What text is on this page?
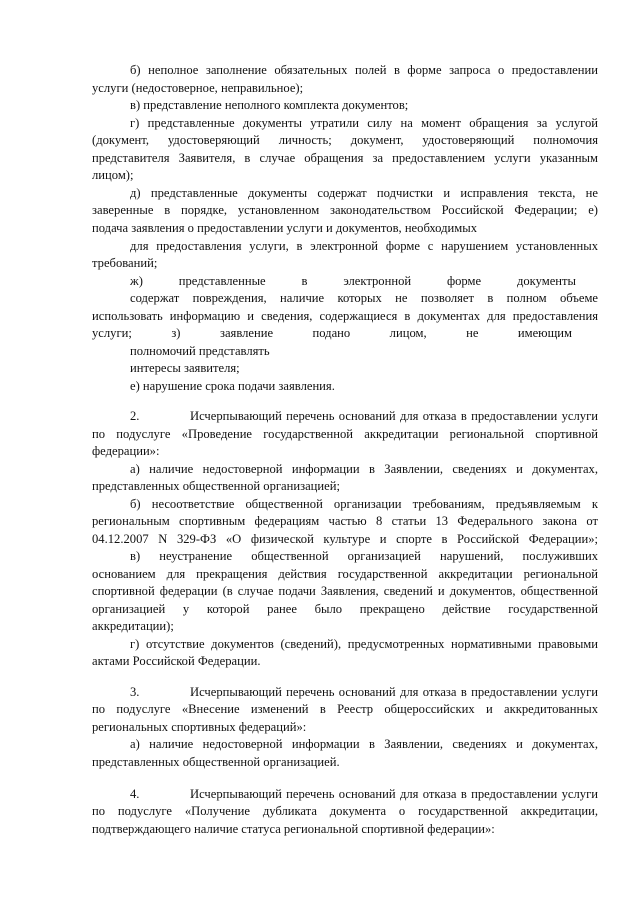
б) неполное заполнение обязательных полей в форме запроса о предоставлении
услуги (недостоверное, неправильное);
в) представление неполного комплекта документов;
г) представленные документы утратили силу на момент обращения за услугой
(документ, удостоверяющий личность; документ, удостоверяющий полномочия
представителя Заявителя, в случае обращения за предоставлением услуги указанным
лицом);
д) представленные документы содержат подчистки и исправления текста, не
заверенные в порядке, установленном законодательством Российской Федерации; е)
подача заявления о предоставлении услуги и документов, необходимых
для предоставления услуги, в электронной форме с нарушением установленных
требований;
ж) представленные в электронной форме документы
содержат повреждения, наличие которых не позволяет в полном объеме
использовать информацию и сведения, содержащиеся в документах для предоставления
услуги; з) заявление подано лицом, не имеющим
полномочий представлять
интересы заявителя;
е) нарушение срока подачи заявления.
2.	Исчерпывающий перечень оснований для отказа в предоставлении услуги
по подуслуге «Проведение государственной аккредитации региональной спортивной
федерации»:
а) наличие недостоверной информации в Заявлении, сведениях и документах,
представленных общественной организацией;
б) несоответствие общественной организации требованиям, предъявляемым к
региональным спортивным федерациям частью 8 статьи 13 Федерального закона от
04.12.2007 N 329-ФЗ «О физической культуре и спорте в Российской Федерации»;
в) неустранение общественной организацией нарушений, послуживших
основанием для прекращения действия государственной аккредитации региональной
спортивной федерации (в случае подачи Заявления, сведений и документов, общественной
организацией у которой ранее было прекращено действие государственной
аккредитации);
г) отсутствие документов (сведений), предусмотренных нормативными правовыми
актами Российской Федерации.
3.	Исчерпывающий перечень оснований для отказа в предоставлении услуги
по подуслуге «Внесение изменений в Реестр общероссийских и аккредитованных
региональных спортивных федераций»:
а) наличие недостоверной информации в Заявлении, сведениях и документах,
представленных общественной организацией.
4.	Исчерпывающий перечень оснований для отказа в предоставлении услуги
по подуслуге «Получение дубликата документа о государственной аккредитации,
подтверждающего наличие статуса региональной спортивной федерации»:
